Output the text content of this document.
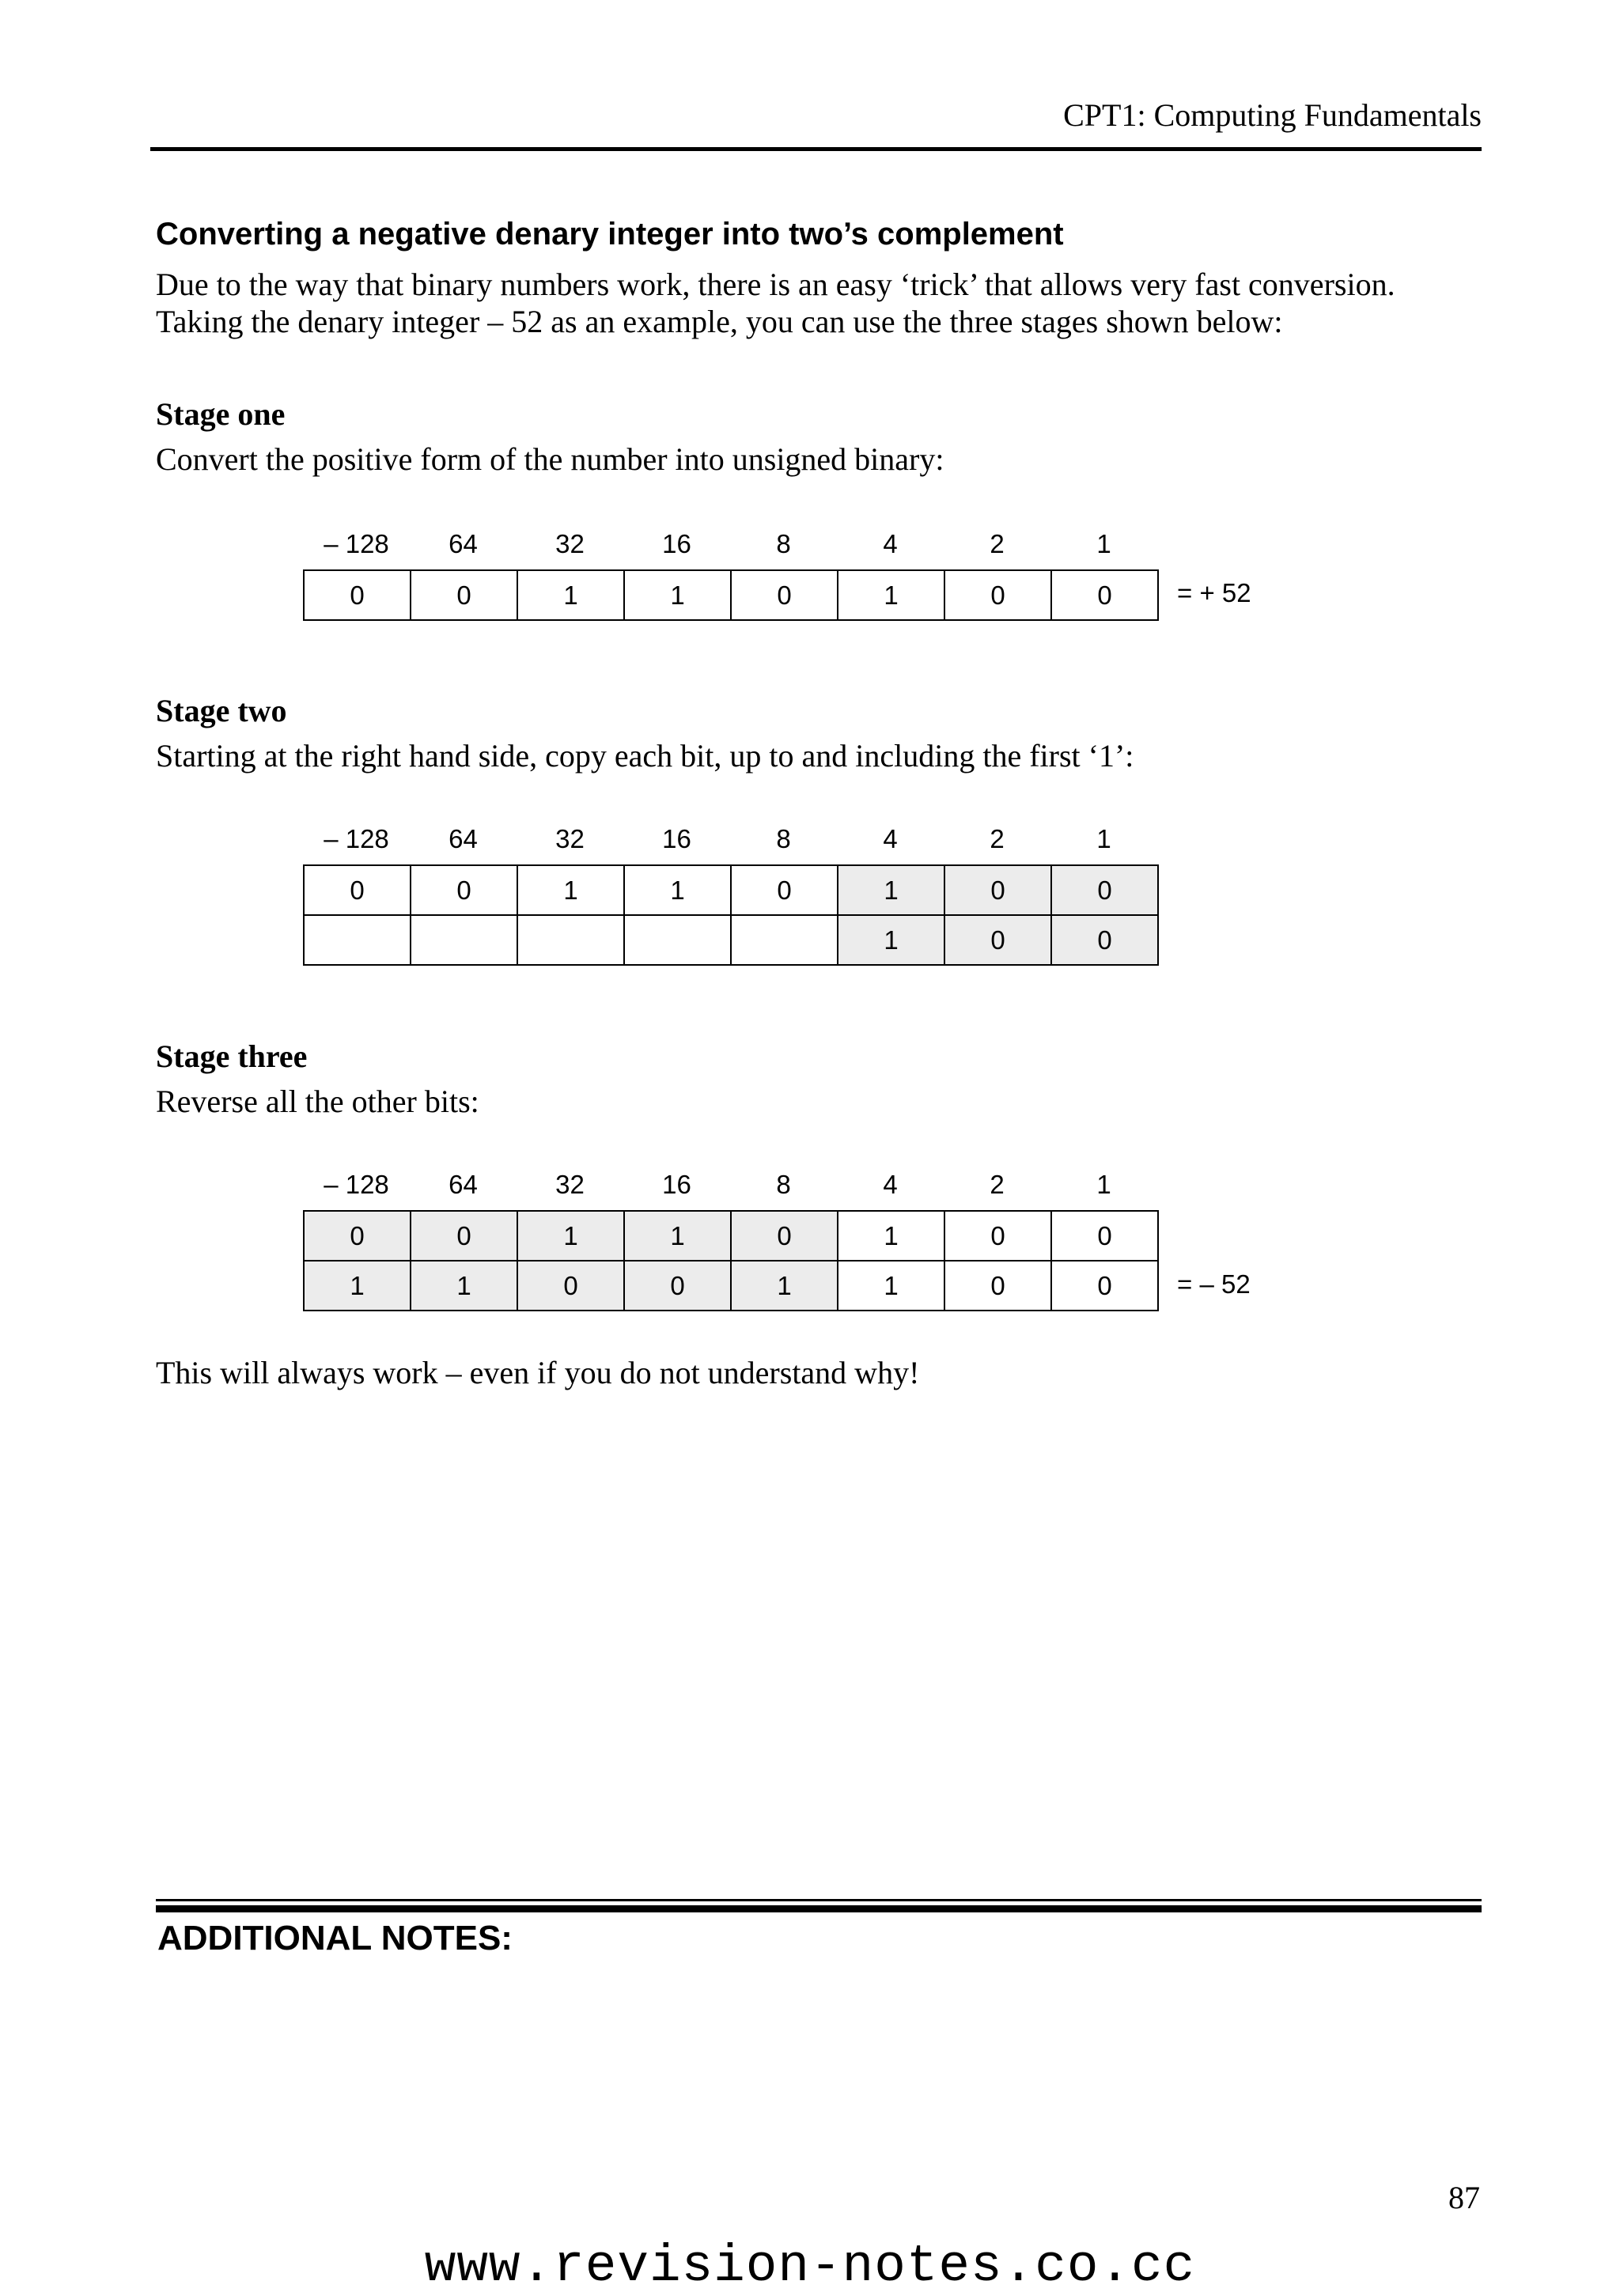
CPT1: Computing Fundamentals
Converting a negative denary integer into two’s complement
Due to the way that binary numbers work, there is an easy ‘trick’ that allows very fast conversion.
Taking the denary integer – 52 as an example, you can use the three stages shown below:
Stage one
Convert the positive form of the number into unsigned binary:
– 128	64	32	16	8	4	2	1
0	0	1	1	0	1	0	0 = + 52
Stage two
Starting at the right hand side, copy each bit, up to and including the first ‘1’:
– 128	64	32	16	8	4	2	1
0	0	1	1	0	1	0	0
					1	0	0
Stage three
Reverse all the other bits:
– 128	64	32	16	8	4	2	1
0	0	1	1	0	1	0	0
1	1	0	0	1	1	0	0 = – 52
This will always work – even if you do not understand why!
ADDITIONAL NOTES:
87
www.revision-notes.co.cc
